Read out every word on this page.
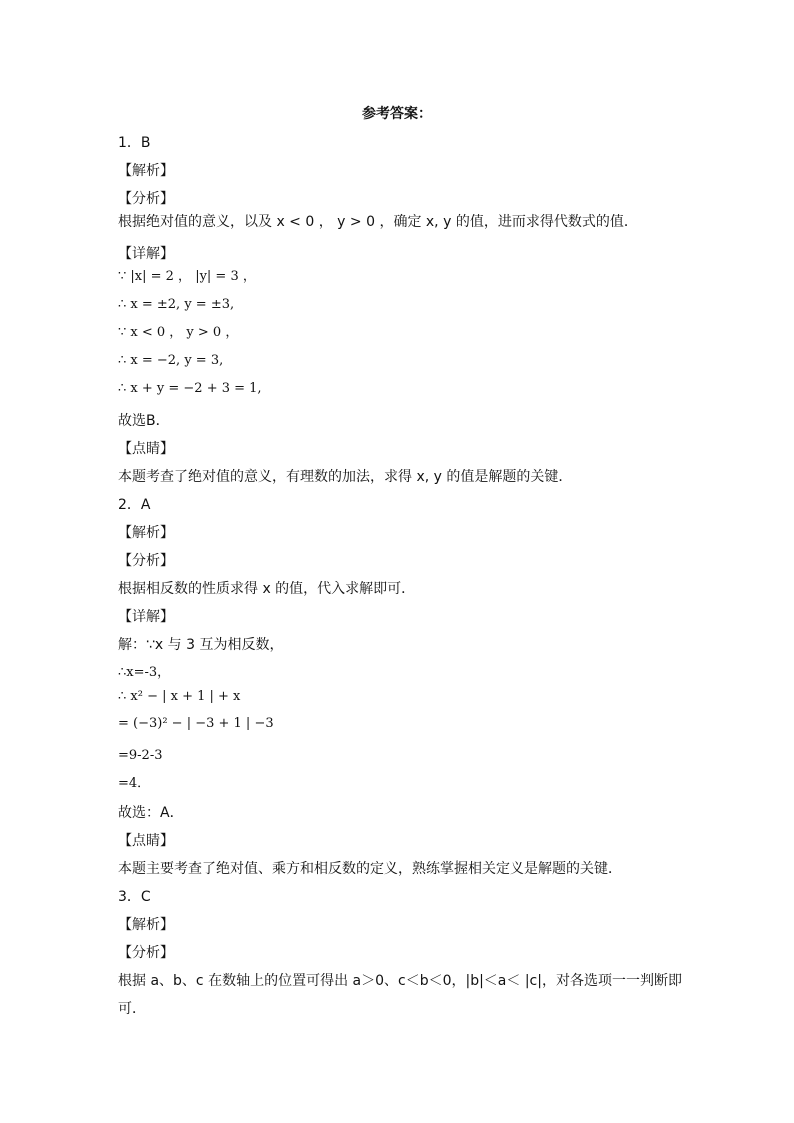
参考答案：
1．B
【解析】
【分析】
根据绝对值的意义，以及 x < 0 ， y > 0 ，确定 x, y 的值，进而求得代数式的值．
【详解】
∵ |x| = 2 ， |y| = 3 ，
∴ x = ±2, y = ±3,
∵ x < 0 ， y > 0 ，
∴ x = −2, y = 3,
∴ x + y = −2 + 3 = 1,
故选B．
【点睛】
本题考查了绝对值的意义，有理数的加法，求得 x, y 的值是解题的关键．
2．A
【解析】
【分析】
根据相反数的性质求得 x 的值，代入求解即可．
【详解】
解：∵x 与 3 互为相反数，
∴x=-3，
∴ x² − | x + 1 | + x
= (−3)² − | −3 + 1 | −3
=9-2-3
=4．
故选：A．
【点睛】
本题主要考查了绝对值、乘方和相反数的定义，熟练掌握相关定义是解题的关键．
3．C
【解析】
【分析】
根据 a、b、c 在数轴上的位置可得出 a＞0、c＜b＜0，|b|＜a＜ |c|，对各选项一一判断即
可．
